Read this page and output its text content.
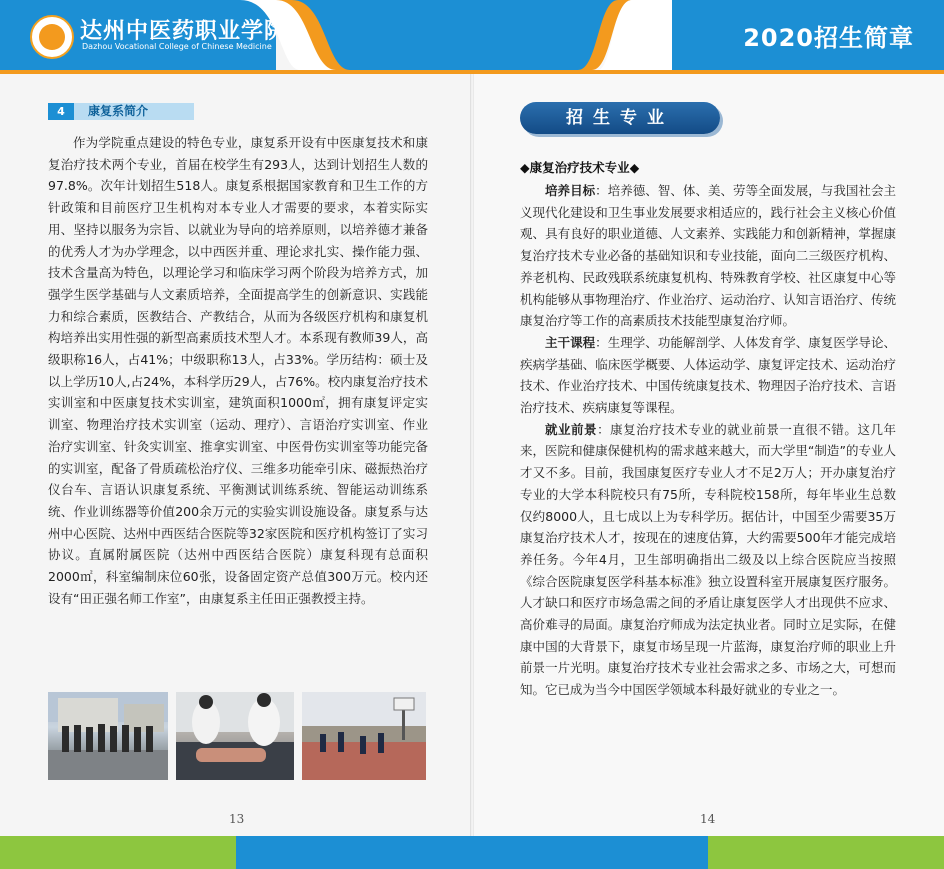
达州中医药职业学院
Dazhou Vocational College of Chinese Medicine	2020招生简章
4	康复系简介

作为学院重点建设的特色专业，康复系开设有中医康复技术和康复治疗技术两个专业，首届在校学生有293人，达到计划招生人数的97.8%。次年计划招生518人。康复系根据国家教育和卫生工作的方针政策和目前医疗卫生机构对本专业人才需要的要求，本着实际实用、坚持以服务为宗旨、以就业为导向的培养原则，以培养德才兼备的优秀人才为办学理念，以中西医并重、理论求扎实、操作能力强、技术含量高为特色，以理论学习和临床学习两个阶段为培养方式，加强学生医学基础与人文素质培养，全面提高学生的创新意识、实践能力和综合素质，医教结合、产教结合，从而为各级医疗机构和康复机构培养出实用性强的新型高素质技术型人才。本系现有教师39人，高级职称16人，占41%；中级职称13人，占33%。学历结构：硕士及以上学历10人,占24%，本科学历29人，占76%。校内康复治疗技术实训室和中医康复技术实训室，建筑面积1000㎡，拥有康复评定实训室、物理治疗技术实训室（运动、理疗）、言语治疗实训室、作业治疗实训室、针灸实训室、推拿实训室、中医骨伤实训室等功能完备的实训室，配备了骨质疏松治疗仪、三维多功能牵引床、磁振热治疗仪台车、言语认识康复系统、平衡测试训练系统、智能运动训练系统、作业训练器等价值200余万元的实验实训设施设备。康复系与达州中心医院、达州中西医结合医院等32家医院和医疗机构签订了实习协议。直属附属医院（达州中西医结合医院）康复科现有总面积2000㎡，科室编制床位60张，设备固定资产总值300万元。校内还设有“田正强名师工作室”，由康复系主任田正强教授主持。

13
招生专业
◆康复治疗技术专业◆

培养目标：培养德、智、体、美、劳等全面发展，与我国社会主义现代化建设和卫生事业发展要求相适应的，践行社会主义核心价值观、具有良好的职业道德、人文素养、实践能力和创新精神，掌握康复治疗技术专业必备的基础知识和专业技能，面向二三级医疗机构、养老机构、民政残联系统康复机构、特殊教育学校、社区康复中心等机构能够从事物理治疗、作业治疗、运动治疗、认知言语治疗、传统康复治疗等工作的高素质技术技能型康复治疗师。

主干课程：生理学、功能解剖学、人体发育学、康复医学导论、疾病学基础、临床医学概要、人体运动学、康复评定技术、运动治疗技术、作业治疗技术、中国传统康复技术、物理因子治疗技术、言语治疗技术、疾病康复等课程。

就业前景：康复治疗技术专业的就业前景一直很不错。这几年来，医院和健康保健机构的需求越来越大，而大学里“制造”的专业人才又不多。目前，我国康复医疗专业人才不足2万人；开办康复治疗专业的大学本科院校只有75所，专科院校158所，每年毕业生总数仅约8000人，且七成以上为专科学历。据估计，中国至少需要35万康复治疗技术人才，按现在的速度估算，大约需要500年才能完成培养任务。今年4月，卫生部明确指出二级及以上综合医院应当按照《综合医院康复医学科基本标准》独立设置科室开展康复医疗服务。人才缺口和医疗市场急需之间的矛盾让康复医学人才出现供不应求、高价难寻的局面。康复治疗师成为法定执业者。同时立足实际，在健康中国的大背景下，康复市场呈现一片蓝海，康复治疗师的职业上升前景一片光明。康复治疗技术专业社会需求之多、市场之大，可想而知。它已成为当今中国医学领域本科最好就业的专业之一。

14
